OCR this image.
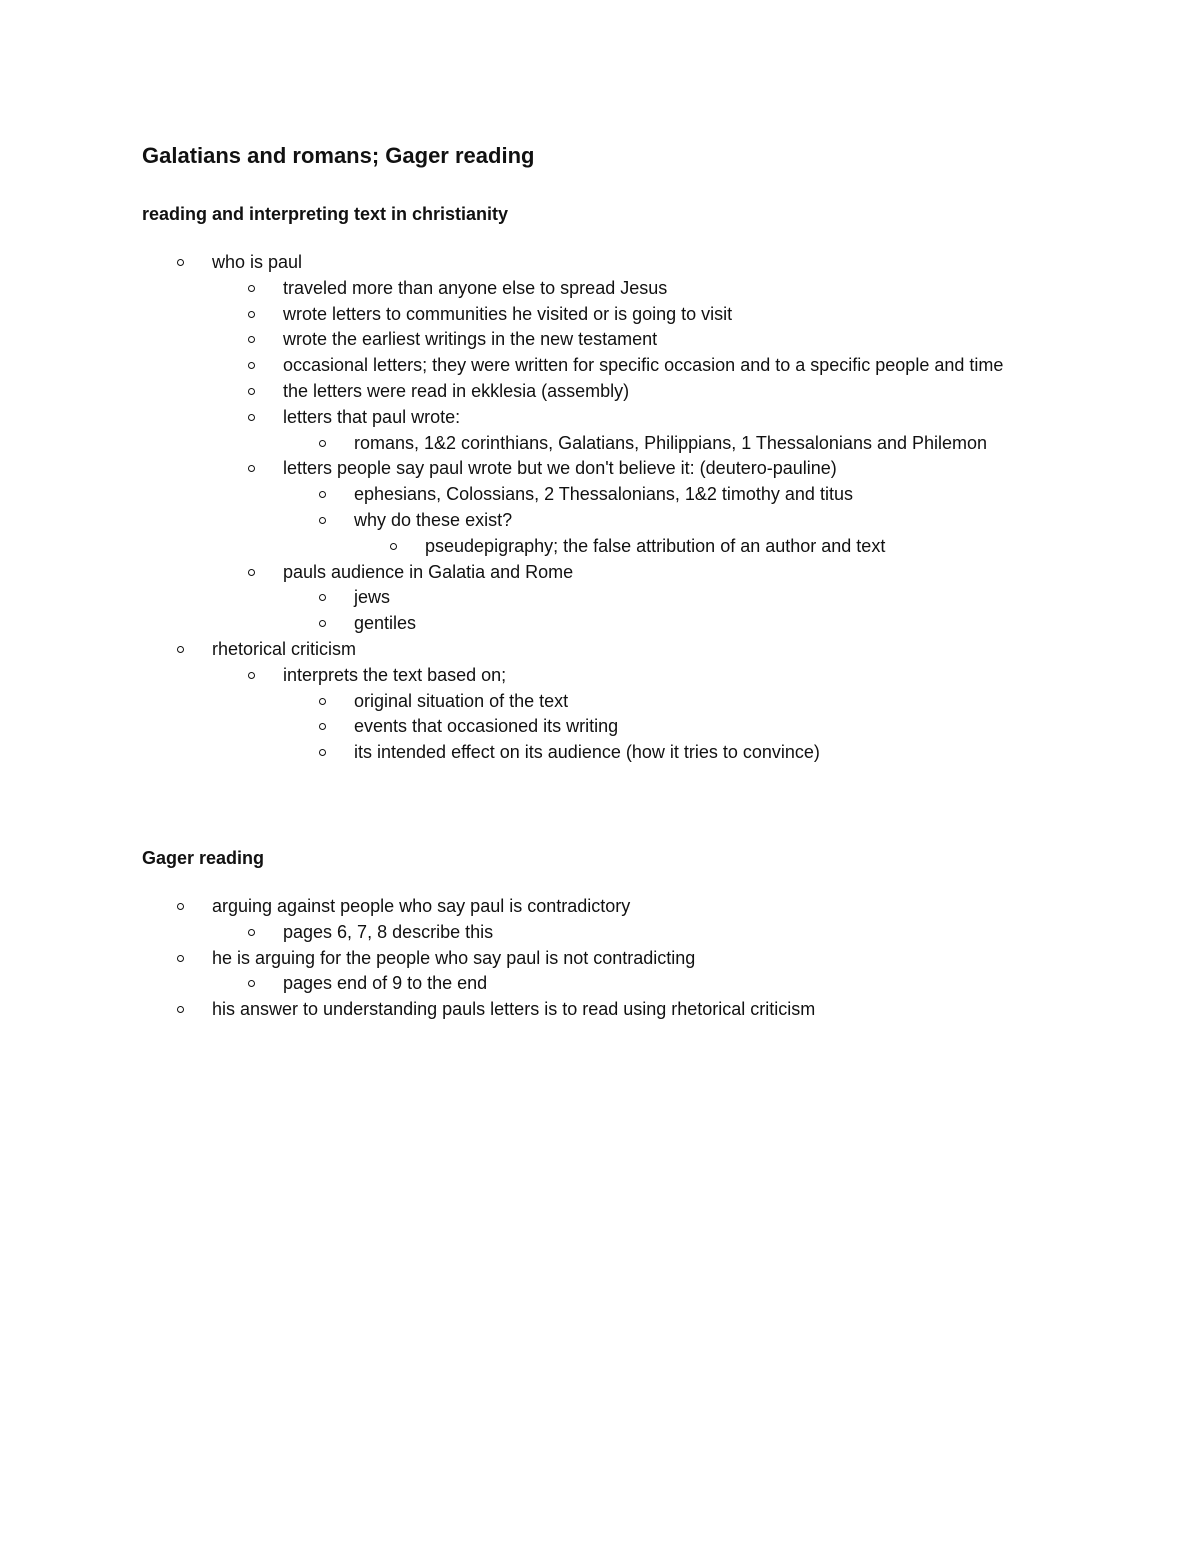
Galatians and romans; Gager reading
reading and interpreting text in christianity
who is paul
traveled more than anyone else to spread Jesus
wrote letters to communities he visited or is going to visit
wrote the earliest writings in the new testament
occasional letters; they were written for specific occasion and to a specific people and time
the letters were read in ekklesia (assembly)
letters that paul wrote:
romans, 1&2 corinthians, Galatians, Philippians, 1 Thessalonians and Philemon
letters people say paul wrote but we don't believe it: (deutero-pauline)
ephesians, Colossians, 2 Thessalonians, 1&2 timothy and titus
why do these exist?
pseudepigraphy; the false attribution of an author and text
pauls audience in Galatia and Rome
jews
gentiles
rhetorical criticism
interprets the text based on;
original situation of the text
events that occasioned its writing
its intended effect on its audience (how it tries to convince)
Gager reading
arguing against people who say paul is contradictory
pages 6, 7, 8 describe this
he is arguing for the people who say paul is not contradicting
pages end of 9 to the end
his answer to understanding pauls letters is to read using rhetorical criticism
